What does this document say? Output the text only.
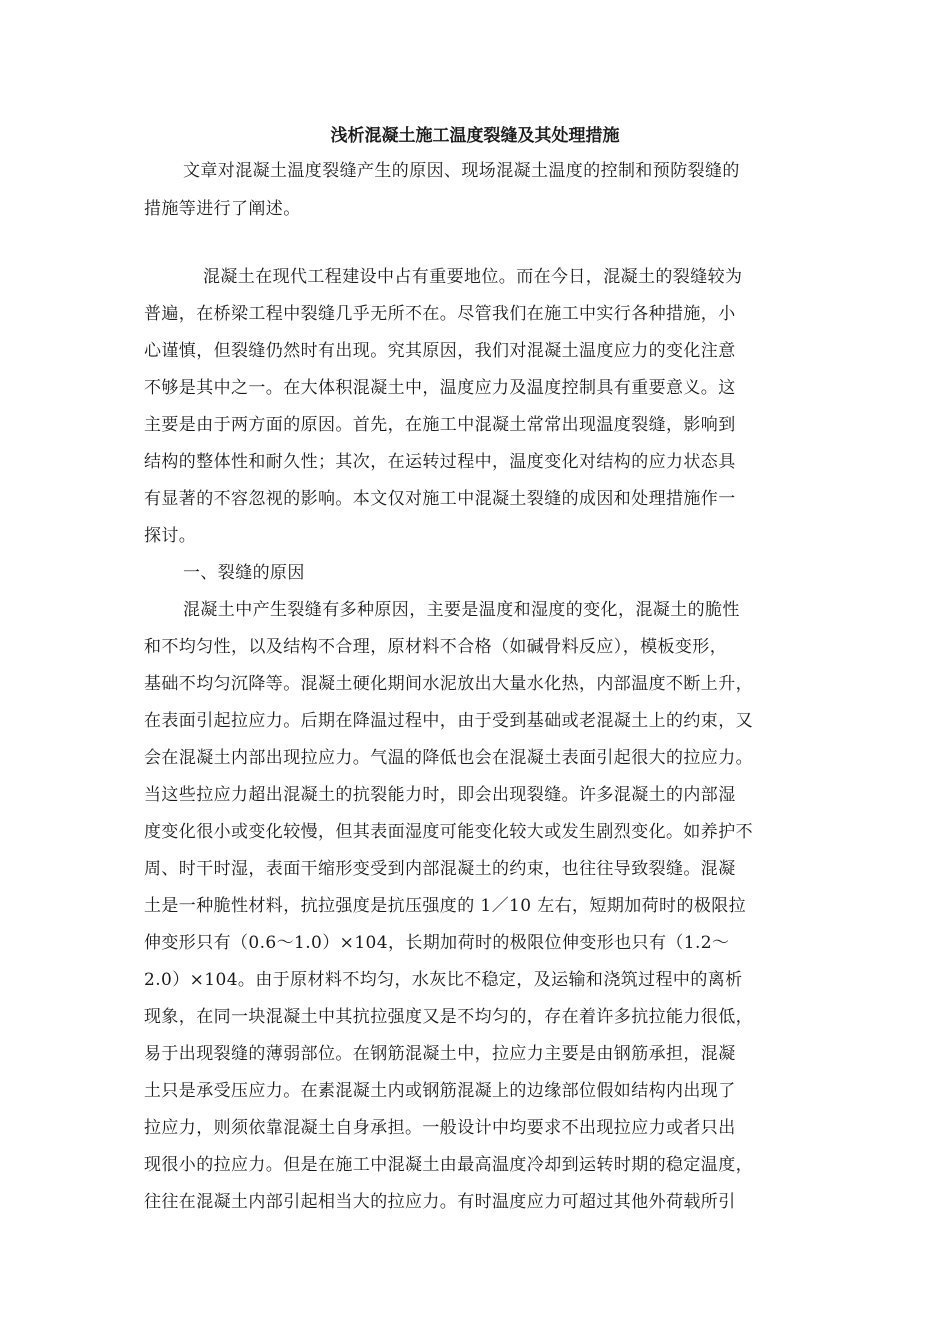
浅析混凝土施工温度裂缝及其处理措施
文章对混凝土温度裂缝产生的原因、现场混凝土温度的控制和预防裂缝的
措施等进行了阐述。
混凝土在现代工程建设中占有重要地位。而在今日，混凝土的裂缝较为
普遍，在桥梁工程中裂缝几乎无所不在。尽管我们在施工中实行各种措施，小
心谨慎，但裂缝仍然时有出现。究其原因，我们对混凝土温度应力的变化注意
不够是其中之一。在大体积混凝土中，温度应力及温度控制具有重要意义。这
主要是由于两方面的原因。首先，在施工中混凝土常常出现温度裂缝，影响到
结构的整体性和耐久性；其次，在运转过程中，温度变化对结构的应力状态具
有显著的不容忽视的影响。本文仅对施工中混凝土裂缝的成因和处理措施作一
探讨。
一、裂缝的原因
混凝土中产生裂缝有多种原因，主要是温度和湿度的变化，混凝土的脆性
和不均匀性，以及结构不合理，原材料不合格（如碱骨料反应），模板变形，
基础不均匀沉降等。混凝土硬化期间水泥放出大量水化热，内部温度不断上升，
在表面引起拉应力。后期在降温过程中，由于受到基础或老混凝土上的约束，又
会在混凝土内部出现拉应力。气温的降低也会在混凝土表面引起很大的拉应力。
当这些拉应力超出混凝土的抗裂能力时，即会出现裂缝。许多混凝土的内部湿
度变化很小或变化较慢，但其表面湿度可能变化较大或发生剧烈变化。如养护不
周、时干时湿，表面干缩形变受到内部混凝土的约束，也往往导致裂缝。混凝
土是一种脆性材料，抗拉强度是抗压强度的 1／10 左右，短期加荷时的极限拉
伸变形只有（0.6～1.0）×104，长期加荷时的极限位伸变形也只有（1.2～
2.0）×104。由于原材料不均匀，水灰比不稳定，及运输和浇筑过程中的离析
现象，在同一块混凝土中其抗拉强度又是不均匀的，存在着许多抗拉能力很低，
易于出现裂缝的薄弱部位。在钢筋混凝土中，拉应力主要是由钢筋承担，混凝
土只是承受压应力。在素混凝土内或钢筋混凝上的边缘部位假如结构内出现了
拉应力，则须依靠混凝土自身承担。一般设计中均要求不出现拉应力或者只出
现很小的拉应力。但是在施工中混凝土由最高温度冷却到运转时期的稳定温度，
往往在混凝土内部引起相当大的拉应力。有时温度应力可超过其他外荷载所引
